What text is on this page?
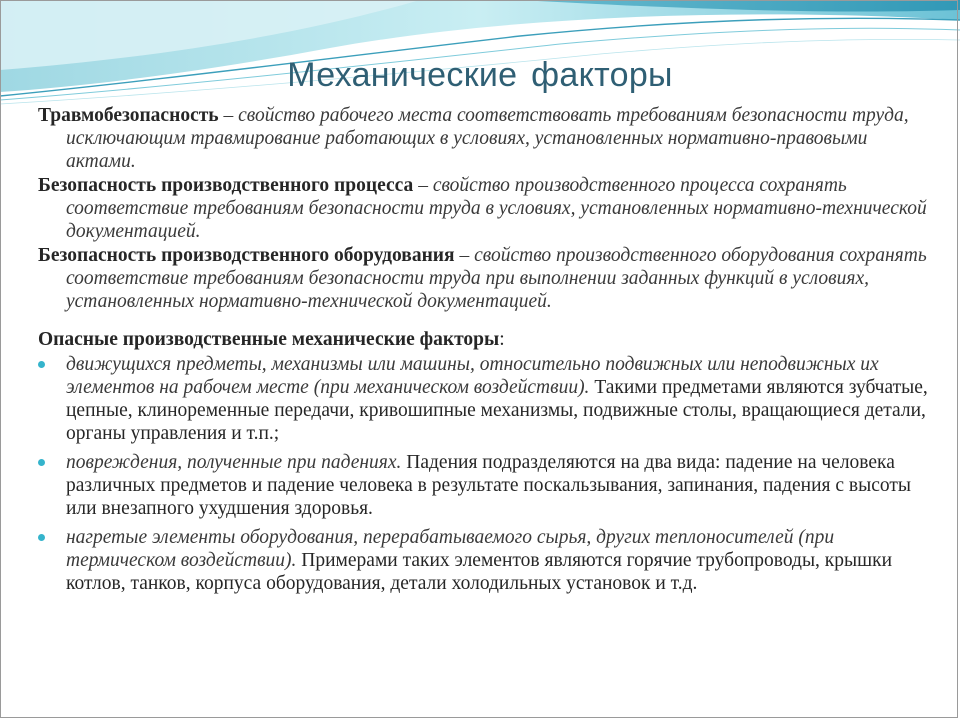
Механические факторы

Травмобезопасность – свойство рабочего места соответствовать требованиям безопасности труда, исключающим травмирование работающих в условиях, установленных нормативно-правовыми актами.

Безопасность производственного процесса – свойство производственного процесса сохранять соответствие требованиям безопасности труда в условиях, установленных нормативно-технической документацией.

Безопасность производственного оборудования – свойство производственного оборудования сохранять соответствие требованиям безопасности труда при выполнении заданных функций в условиях, установленных нормативно-технической документацией.

Опасные производственные механические факторы:

движущихся предметы, механизмы или машины, относительно подвижных или неподвижных их элементов на рабочем месте (при механическом воздействии). Такими предметами являются зубчатые, цепные, клиноременные передачи, кривошипные механизмы, подвижные столы, вращающиеся детали, органы управления и т.п.;
повреждения, полученные при падениях. Падения подразделяются на два вида: падение на человека различных предметов и падение человека в результате поскальзывания, запинания, падения с высоты или внезапного ухудшения здоровья.
нагретые элементы оборудования, перерабатываемого сырья, других теплоносителей (при термическом воздействии). Примерами таких элементов являются горячие трубопроводы, крышки котлов, танков, корпуса оборудования, детали холодильных установок и т.д.
